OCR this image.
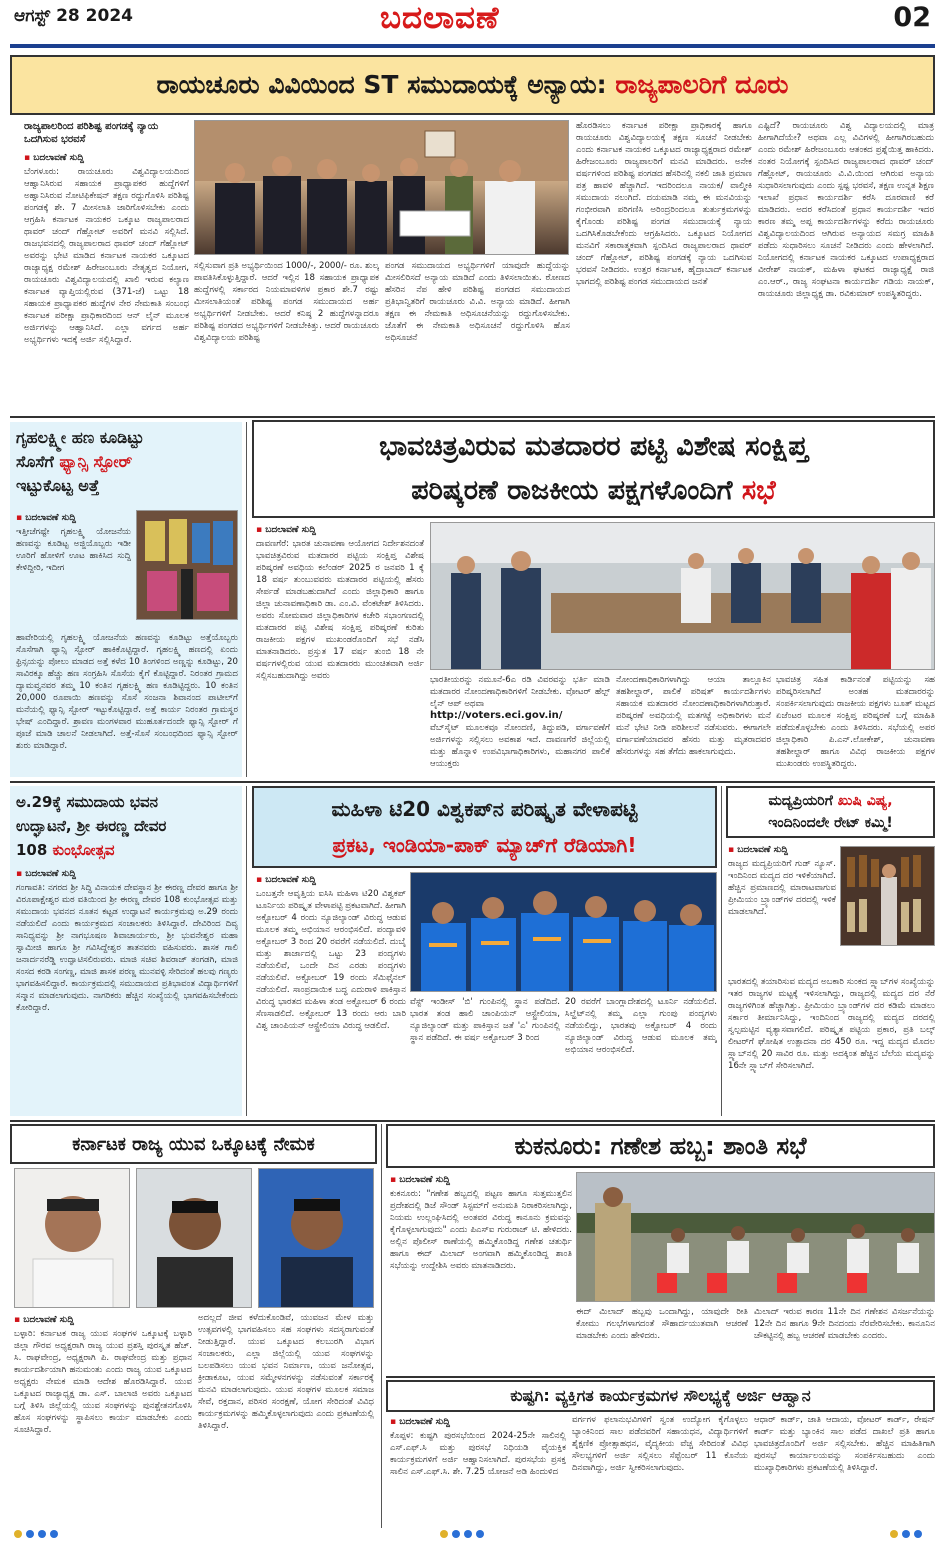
ಆಗಸ್ಟ್ 28 2024	ಬದಲಾವಣೆ	02
ರಾಯಚೂರು ವಿವಿಯಿಂದ ST ಸಮುದಾಯಕ್ಕೆ ಅನ್ಯಾಯ:
ರಾಜ್ಯಪಾಲರಿಗೆ ದೂರು
ರಾಜ್ಯಪಾಲರಿಂದ ಪರಿಶಿಷ್ಟ ಪಂಗಡಕ್ಕೆ ನ್ಯಾಯ ಒದಗಿಸುವ ಭರವಸೆ
▪ ಬದಲಾವಣೆ ಸುದ್ದಿ

ಬೆಂಗಳೂರು: ರಾಯಚೂರು ವಿಶ್ವವಿದ್ಯಾಲಯದಿಂದ ಆಹ್ವಾನಿಸಿರುವ ಸಹಾಯಕ ಪ್ರಾಧ್ಯಾಪಕರ ಹುದ್ದೆಗಳಿಗೆ ಅಹ್ವಾನಿಸಿರುವ ನೋಟಿಫಿಕೇಷನ್ ತಕ್ಷಣ ರದ್ದುಗೊಳಿಸಿ ಪರಿಶಿಷ್ಟ ಪಂಗಡಕ್ಕೆ ಶೇ. 7 ಮೀಸಲಾತಿ ಜಾರಿಗೊಳಿಸಬೇಕು ಎಂದು ಆಗ್ರಹಿಸಿ ಕರ್ನಾಟಕ ನಾಯಕರ ಒಕ್ಕೂಟ ರಾಜ್ಯಪಾಲರಾದ ಥಾವರ್ ಚಂದ್ ಗೆಹ್ಲೋಟ್ ಅವರಿಗೆ ಮನವಿ ಸಲ್ಲಿಸಿದೆ. ರಾಜಭವನದಲ್ಲಿ ರಾಜ್ಯಪಾಲರಾದ ಥಾವರ್ ಚಂದ್ ಗೆಹ್ಲೋಟ್ ಅವರನ್ನು ಭೇಟಿ ಮಾಡಿದ ಕರ್ನಾಟಕ ನಾಯಕರ ಒಕ್ಕೂಟದ ರಾಜ್ಯಾಧ್ಯಕ್ಷ ರಮೇಶ್ ಹಿರೇಜಂಬೂರು ನೇತೃತ್ವದ ನಿಯೋಗ, ರಾಯಚೂರು ವಿಶ್ವವಿದ್ಯಾಲಯದಲ್ಲಿ ಖಾಲಿ ಇರುವ ಕಲ್ಯಾಣ ಕರ್ನಾಟಕ ವ್ಯಾಪ್ತಿಯಲ್ಲಿರುವ (371-ಜೆ) ಒಟ್ಟು 18 ಸಹಾಯಕ ಪ್ರಾಧ್ಯಾಪಕರ ಹುದ್ದೆಗಳ ನೇರ ನೇಮಕಾತಿ ಸಂಬಂಧ ಕರ್ನಾಟಕ ಪರೀಕ್ಷಾ ಪ್ರಾಧಿಕಾರದಿಂದ ಆನ್ ಲೈನ್ ಮೂಲಕ ಅರ್ಜಿಗಳನ್ನು ಆಹ್ವಾನಿಸಿದೆ. ಎಲ್ಲಾ ವರ್ಗದ ಅರ್ಹ ಅಭ್ಯರ್ಥಿಗಳು ಇದಕ್ಕೆ ಅರ್ಜಿ ಸಲ್ಲಿಸಿದ್ದಾರೆ.

ಸಲ್ಲಿಸುವಾಗ ಪ್ರತಿ ಅಭ್ಯರ್ಥಿಯಿಂದ 1000/-, 2000/- ರೂ. ಶುಲ್ಕ ಪಾವತಿಸಿಕೊಳ್ಳುತ್ತಿದ್ದಾರೆ. ಆದರೆ ಇಲ್ಲಿನ 18 ಸಹಾಯಕ ಪ್ರಾಧ್ಯಾಪಕ ಹುದ್ದೆಗಳಲ್ಲಿ ಸರ್ಕಾರದ ನಿಯಮಾವಳಿಗಳ ಪ್ರಕಾರ ಶೇ.7 ರಷ್ಟು ಮೀಸಲಾತಿಯಂತೆ ಪರಿಶಿಷ್ಟ ಪಂಗಡ ಸಮುದಾಯದ ಅರ್ಹ ಅಭ್ಯರ್ಥಿಗಳಿಗೆ ನೀಡಬೇಕು. ಆದರೆ ಕನಿಷ್ಠ 2 ಹುದ್ದೆಗಳನ್ನಾದರೂ ಪರಿಶಿಷ್ಟ ಪಂಗಡದ ಅಭ್ಯರ್ಥಿಗಳಿಗೆ ನೀಡಬೇಕಿತ್ತು. ಆದರೆ ರಾಯಚೂರು ವಿಶ್ವವಿದ್ಯಾಲಯ ಪರಿಶಿಷ್ಟ
ಪಂಗಡ ಸಮುದಾಯದ ಅಭ್ಯರ್ಥಿಗಳಿಗೆ ಯಾವುದೇ ಹುದ್ದೆಯನ್ನು ಮೀಸಲಿರಿಸದೆ ಅನ್ಯಾಯ ಮಾಡಿದೆ ಎಂದು ತಿಳಿಸಲಾಯಿತು. ಠೋಣದ ಹೆಸರಿನ ನೆಪ ಹೇಳಿ ಪರಿಶಿಷ್ಟ ಪಂಗಡದ ಸಮುದಾಯದ ಪ್ರತಿಭಾನ್ವಿತರಿಗೆ ರಾಯಚೂರು ವಿ.ವಿ. ಅನ್ಯಾಯ ಮಾಡಿದೆ. ಹೀಗಾಗಿ ತಕ್ಷಣ ಈ ನೇಮಕಾತಿ ಅಧಿಸೂಚನೆಯನ್ನು ರದ್ದುಗೊಳಿಸಬೇಕು. ಜೊತೆಗೆ ಈ ನೇಮಕಾತಿ ಅಧಿಸೂಚನೆ ರದ್ದುಗೊಳಿಸಿ ಹೊಸ ಅಧಿಸೂಚನೆ
ಹೊರಡಿಸಲು ಕರ್ನಾಟಕ ಪರೀಕ್ಷಾ ಪ್ರಾಧಿಕಾರಕ್ಕೆ ಹಾಗೂ ರಾಯಚೂರು ವಿಶ್ವವಿದ್ಯಾಲಯಕ್ಕೆ ತಕ್ಷಣ ಸೂಚನೆ ನೀಡಬೇಕು ಎಂದು ಕರ್ನಾಟಕ ನಾಯಕರ ಒಕ್ಕೂಟದ ರಾಜ್ಯಾಧ್ಯಕ್ಷರಾದ ರಮೇಶ್ ಹಿರೇಜಂಬೂರು ರಾಜ್ಯಪಾಲರಿಗೆ ಮನವಿ ಮಾಡಿದರು. ಅನೇಕ ವರ್ಷಗಳಿಂದ ಪರಿಶಿಷ್ಟ ಪಂಗಡದ ಹೆಸರಿನಲ್ಲಿ ನಕಲಿ ಜಾತಿ ಪ್ರಮಾಣ ಪತ್ರ ಹಾವಳಿ ಹೆಚ್ಚಾಗಿದೆ. ಇದರಿಂದಲೂ ನಾಯಕ/ ವಾಲ್ಮೀಕಿ ಸಮುದಾಯ ನಲುಗಿದೆ. ದಯಮಾಡಿ ನಮ್ಮ ಈ ಮನವಿಯನ್ನು ಗಂಭೀರವಾಗಿ ಪರಿಗಣಿಸಿ ಅರಿಂದ್ರರಿಂದಲೂ ತುರ್ತುಕ್ರಮಗಳನ್ನು ಕೈಗೊಂಡು ಪರಿಶಿಷ್ಟ ಪಂಗಡ ಸಮುದಾಯಕ್ಕೆ ನ್ಯಾಯ ಒದಗಿಸಿಕೊಡಬೇಕೆಂದು ಆಗ್ರಹಿಸಿದರು. ಒಕ್ಕೂಟದ ನಿಯೋಗದ ಮನವಿಗೆ ಸಕಾರಾತ್ಮಕವಾಗಿ ಸ್ಪಂದಿಸಿದ ರಾಜ್ಯಪಾಲರಾದ ಥಾವರ್ ಚಂದ್ ಗೆಹ್ಲೋಟ್, ಪರಿಶಿಷ್ಟ ಪಂಗಡಕ್ಕೆ ನ್ಯಾಯ ಒದಗಿಸುವ ಭರವಸೆ ನೀಡಿದರು. ಉತ್ತರ ಕರ್ನಾಟಕ, ಹೈದ್ರಾಬಾದ್ ಕರ್ನಾಟಕ ಭಾಗದಲ್ಲಿ ಪರಿಶಿಷ್ಟ ಪಂಗಡ ಸಮುದಾಯದ ಜನತೆ
ಎಷ್ಟಿದೆ? ರಾಯಚೂರು ವಿಶ್ವ ವಿದ್ಯಾಲಯದಲ್ಲಿ ಮಾತ್ರ ಹೀಗಾಗಿದೆಯೇ? ಅಥವಾ ಎಲ್ಲ ವಿವಿಗಳಲ್ಲಿ ಹೀಗಾಗಿರಬಹುದು ಎಂದು ರಮೇಶ್ ಹಿರೇಜಂಬೂರು ಆತಂಕದ ಪ್ರಶ್ನೆಯಿತ್ತ ಹಾಕಿದರು. ನಂತರ ನಿಯೋಗಕ್ಕೆ ಸ್ಪಂದಿಸಿದ ರಾಜ್ಯಪಾಲರಾದ ಥಾವರ್ ಚಂದ್ ಗೆಹ್ಲೋಟ್, ರಾಯಚೂರು ವಿ.ವಿ.ಯಿಂದ ಆಗಿರುವ ಅನ್ಯಾಯ ಸುಧಾರಿಸಲಾಗುವುದು ಎಂದು ಸ್ಪಷ್ಟ ಭರವಸೆ, ತಕ್ಷಣ ಉನ್ನತ ಶಿಕ್ಷಣ ಇಲಾಖೆ ಪ್ರಧಾನ ಕಾರ್ಯದರ್ಶಿ ಕರೆಸಿ ದೂರವಾಣಿ ಕರೆ ಮಾಡಿದರು. ಅದರ ಕರೆಸಿದಂತೆ ಪ್ರಧಾನ ಕಾರ್ಯದರ್ಶಿ ಇದರ ಕಾರಣ ತಮ್ಮ ಅಪ್ಪ ಕಾರ್ಯದರ್ಶಿಗಳನ್ನು ಕರೆದು ರಾಯಚೂರು ವಿಶ್ವವಿದ್ಯಾಲಯದಿಂದ ಆಗಿರುವ ಅನ್ಯಾಯದ ಸಮಗ್ರ ಮಾಹಿತಿ ಪಡೆದು ಸುಧಾರಿಸಲು ಸೂಚನೆ ನೀಡಿದರು ಎಂದು ಹೇಳಲಾಗಿದೆ. ನಿಯೋಗದಲ್ಲಿ ಕರ್ನಾಟಕ ನಾಯಕರ ಒಕ್ಕೂಟದ ಉಪಾಧ್ಯಕ್ಷರಾದ ವೀರೇಶ್ ನಾಯಕ್, ಮಹಿಳಾ ಘಟಕದ ರಾಜ್ಯಾಧ್ಯಕ್ಷೆ ರಾಜಿ ಎಂ.ಆರ್., ರಾಜ್ಯ ಸಂಘಟನಾ ಕಾರ್ಯದರ್ಶಿ ಗಡಿಯ ನಾಯಕ್, ರಾಯಚೂರು ಜಿಲ್ಲಾಧ್ಯಕ್ಷ ಡಾ. ರವಿಕುಮಾರ್ ಉಪಸ್ಥಿತರಿದ್ದರು.
ಗೃಹಲಕ್ಷ್ಮೀ ಹಣ ಕೂಡಿಟ್ಟು
ಸೊಸೆಗೆ ಫ್ಯಾನ್ಸಿ ಸ್ಟೋರ್
ಇಟ್ಟುಕೊಟ್ಟ ಅತ್ತೆ
▪ ಬದಲಾವಣೆ ಸುದ್ದಿ

ಇತ್ತೀಚೆಗಷ್ಟೇ ಗೃಹಲಕ್ಷ್ಮಿ ಯೋಜನೆಯ ಹಣವನ್ನು ಕೂಡಿಟ್ಟ ಅಜ್ಜಿಯೊಬ್ಬರು ಇಡೀ ಊರಿಗೆ ಹೋಳಿಗೆ ಊಟ ಹಾಕಿಸಿದ ಸುದ್ದಿ ಕೇಳಿದ್ದೀರಿ, ಇದೀಗ

ಹಾವೇರಿಯಲ್ಲಿ ಗೃಹಲಕ್ಷ್ಮಿ ಯೋಜನೆಯ ಹಣವನ್ನು ಕೂಡಿಟ್ಟು ಅತ್ತೆಯೊಬ್ಬರು ಸೊಸೆಗಾಗಿ ಫ್ಯಾನ್ಸಿ ಸ್ಟೋರ್ ಹಾಕಿಕೊಟ್ಟಿದ್ದಾರೆ. ಗೃಹಲಕ್ಷ್ಮಿ ಹಣದಲ್ಲಿ ಏಂದು ಫ್ರಿನ್ಸಯನ್ನು ಪೋಲು ಮಾಡದ ಅತ್ತೆ ಕಳೆದ 10 ತಿಂಗಳಿಂದ ಅಣ್ಣನ್ನು ಕೂಡಿಟ್ಟು, 20 ಸಾವಿರಕ್ಕೂ ಹೆಚ್ಚು ಹಣ ಸಂಗ್ರಹಿಸಿ ಸೊಸೆಯ ಕೈಗೆ ಕೊಟ್ಟಿದ್ದಾರೆ. ನಿರಂತರ ಗ್ರಾಮದ ದ್ಯಾಮವ್ವನವರ ತಮ್ಮ 10 ಕಂತಿನ ಗೃಹಲಕ್ಷ್ಮಿ ಹಣ ಕೂಡಿಟ್ಟಿದ್ದರು. 10 ಕಂತಿನ 20,000 ರೂಪಾಯಿ ಹಣವನ್ನು ಸೊಸೆ ಸಂಜನಾ ಶಿವಾನಂದ ಪಾಟೀಲ್‌ಗೆ ಮನೆಯಲ್ಲಿ ಫ್ಯಾನ್ಸಿ ಸ್ಟೋರ್ ಇಟ್ಟುಕೊಟ್ಟಿದ್ದಾರೆ. ಅತ್ತೆ ಕಾರ್ಯ ನಿರಂತರ ಗ್ರಾಮಸ್ಥರ ಭೇಷ್ ಎಂದಿದ್ದಾರೆ. ಶ್ರಾವಣ ಮಂಗಳವಾರ ಮುಹೂರ್ತದಂದೇ ಫ್ಯಾನ್ಸಿ ಸ್ಟೋರ್ ಗೆ ಪೂಜೆ ಮಾಡಿ ಚಾಲನೆ ನೀಡಲಾಗಿದೆ. ಅತ್ತೆ-ಸೊಸೆ ಸಂಬಂಧದಿಂದ ಫ್ಯಾನ್ಸಿ ಸ್ಟೋರ್ ಶುರು ಮಾಡಿದ್ದಾರೆ.
ಭಾವಚಿತ್ರವಿರುವ ಮತದಾರರ ಪಟ್ಟಿ ವಿಶೇಷ ಸಂಕ್ಷಿಪ್ತ
ಪರಿಷ್ಕರಣೆ ರಾಜಕೀಯ ಪಕ್ಷಗಳೊಂದಿಗೆ ಸಭೆ
▪ ಬದಲಾವಣೆ ಸುದ್ದಿ

ದಾವಣಗೆರೆ: ಭಾರತ ಚುನಾವಣಾ ಆಯೋಗದ ನಿರ್ದೇಶನದಂತೆ ಭಾವಚಿತ್ರವಿರುವ ಮತದಾರರ ಪಟ್ಟಿಯ ಸಂಕ್ಷಿಪ್ತ ವಿಶೇಷ ಪರಿಷ್ಕರಣೆ ಅವಧಿಯ ಕಲೆಂಡರ್ 2025 ರ ಜನವರಿ 1 ಕ್ಕೆ 18 ವರ್ಷ ತುಂಬುವವರು ಮತದಾರರ ಪಟ್ಟಿಯಲ್ಲಿ ಹೆಸರು ಸೇರ್ಪಡೆ ಮಾಡಬಹುದಾಗಿದೆ ಎಂದು ಜಿಲ್ಲಾಧಿಕಾರಿ ಹಾಗೂ ಜಿಲ್ಲಾ ಚುನಾವಣಾಧಿಕಾರಿ ಡಾ. ಎಂ.ವಿ. ವೆಂಕಟೇಶ್ ತಿಳಿಸಿದರು. ಅವರು ಸೋಮವಾರ ಜಿಲ್ಲಾಧಿಕಾರಿಗಳ ಕಚೇರಿ ಸಭಾಂಗಣದಲ್ಲಿ ಮತದಾರರ ಪಟ್ಟಿ ವಿಶೇಷ ಸಂಕ್ಷಿಪ್ತ ಪರಿಷ್ಕರಣೆ ಕುರಿತು ರಾಜಕೀಯ ಪಕ್ಷಗಳ ಮುಖಂಡರೊಂದಿಗೆ ಸಭೆ ನಡೆಸಿ ಮಾತನಾಡಿದರು. ಪ್ರಸ್ತುತ 17 ವರ್ಷ ತುಂಬಿ 18 ನೇ ವರ್ಷಗಳಲ್ಲಿರುವ ಯುವ ಮತದಾರರು ಮುಂಚಿತವಾಗಿ ಅರ್ಜಿ ಸಲ್ಲಿಸಬಹುದಾಗಿದ್ದು ಅವರು	ಭಾರತೀಯರನ್ನು ನಮೂನೆ-6ಎ ರಡಿ ವಿವರವನ್ನು ಭರ್ತಿ ಮಾಡಿ ಮತದಾರರ ನೋಂದಣಾಧಿಕಾರಿಗಳಿಗೆ ನೀಡಬೇಕು. ವೋಟರ್ ಹೆಲ್ಪ್ ಲೈನ್ ಆಪ್ ಅಥವಾ

http://voters.eci.gov.in/

ವೆಬ್‌ಸೈಟ್ ಮೂಲಕವೂ ನೋಂದಣಿ, ತಿದ್ದುಪಡಿ, ವರ್ಗಾವಣೆಗೆ ಅರ್ಜಿಗಳನ್ನು ಸಲ್ಲಿಸಲು ಅವಕಾಶ ಇದೆ. ದಾವಣಗೆರೆ ಜಿಲ್ಲೆಯಲ್ಲಿ ಮತ್ತು ಹೊನ್ನಾಳಿ ಉಪವಿಭಾಗಾಧಿಕಾರಿಗಳು, ಮಹಾನಗರ ಪಾಲಿಕೆ ಆಯುಕ್ತರು

ನೋಂದಣಾಧಿಕಾರಿಗಳಾಗಿದ್ದು ಆಯಾ ತಾಲ್ಲೂಕಿನ ತಹಶೀಲ್ದಾರ್, ಪಾಲಿಕೆ ಪರಿಷತ್ ಕಾರ್ಯದರ್ಶಿಗಳು ಸಹಾಯಕ ಮತದಾರರ ನೋಂದಣಾಧಿಕಾರಿಗಳಾಗಿರುತ್ತಾರೆ. ಪರಿಷ್ಕರಣೆ ಅವಧಿಯಲ್ಲಿ ಮತಗಟ್ಟೆ ಅಧಿಕಾರಿಗಳು ಮನೆ ಮನೆ ಭೇಟಿ ನೀಡಿ ಪರಿಶೀಲನೆ ನಡೆಸುವರು. ಈಗಾಗಲೇ ವರ್ಗಾವಣೆಯಾದವರ ಹೆಸರು ಮತ್ತು ಮೃತರಾದವರ ಹೆಸರುಗಳನ್ನು ಸಹ ತೆಗೆದು ಹಾಕಲಾಗುವುದು.
ಭಾವಚಿತ್ರ ಸಹಿತ ಕಾರ್ಡಿನಂತೆ ಪಟ್ಟಿಯನ್ನು ಸಹ ಪರಿಷ್ಕರಿಸಲಾಗಿದೆ ಅಂತಹ ಮತದಾರರನ್ನು ಸಂಪರ್ಕಿಸಲಾಗುವುದು ರಾಜಕೀಯ ಪಕ್ಷಗಳು ಬೂತ್ ಮಟ್ಟದ ಏಜೆಂಟರ ಮೂಲಕ ಸಂಕ್ಷಿಪ್ತ ಪರಿಷ್ಕರಣೆ ಬಗ್ಗೆ ಮಾಹಿತಿ ಪಡೆದುಕೊಳ್ಳಬೇಕು ಎಂದು ತಿಳಿಸಿದರು. ಸಭೆಯಲ್ಲಿ ಅಪರ ಜಿಲ್ಲಾಧಿಕಾರಿ ಪಿ.ಎನ್.ಲೋಕೇಶ್, ಚುನಾವಣಾ ತಹಶೀಲ್ದಾರ್ ಹಾಗೂ ವಿವಿಧ ರಾಜಕೀಯ ಪಕ್ಷಗಳ ಮುಖಂಡರು ಉಪಸ್ಥಿತರಿದ್ದರು.
ಅ.29ಕ್ಕೆ ಸಮುದಾಯ ಭವನ
ಉದ್ಘಾಟನೆ, ಶ್ರೀ ಈರಣ್ಣ ದೇವರ
108 ಕುಂಭೋತ್ಸವ
▪ ಬದಲಾವಣೆ ಸುದ್ದಿ

ಗಂಗಾವತಿ: ನಗರದ ಶ್ರೀ ಸಿದ್ಧಿ ವಿನಾಯಕ ದೇವಸ್ಥಾನ ಶ್ರೀ ಈರಣ್ಣ ದೇವರ ಹಾಗೂ ಶ್ರೀ ವಿರೂಪಾಕ್ಷೇಶ್ವರ ಮಠ ವತಿಯಿಂದ ಶ್ರೀ ಈರಣ್ಣ ದೇವರ 108 ಕುಂಭೋತ್ಸವ ಮತ್ತು ಸಮುದಾಯ ಭವನದ ನೂತನ ಕಟ್ಟಡ ಉದ್ಘಾಟನೆ ಕಾರ್ಯಕ್ರಮವು ಅ.29 ರಂದು ನಡೆಯಲಿದೆ ಎಂದು ಕಾರ್ಯಕ್ರಮದ ಸಂಚಾಲಕರು ತಿಳಿಸಿದ್ದಾರೆ. ದೇವಿರಿಂದ ದಿವ್ಯ ಸಾನಿಧ್ಯವನ್ನು ಶ್ರೀ ನಾಗಭೂಷಣ ಶಿವಾಚಾರ್ಯರು, ಶ್ರೀ ಭುವನೇಶ್ವರ ಮಹಾ ಸ್ವಾಮೀಜಿ ಹಾಗೂ ಶ್ರೀ ಗವಿಸಿದ್ದೇಶ್ವರ ತಾತನವರು ವಹಿಸುವರು. ಶಾಸಕ ಗಾಲಿ ಜನಾರ್ದನರೆಡ್ಡಿ ಉದ್ಘಾಟಿಸಲಿರುವರು. ಮಾಜಿ ಸಚಿವ ಶಿವರಾಜ್ ತಂಗಡಗಿ, ಮಾಜಿ ಸಂಸದ ಕರಡಿ ಸಂಗಣ್ಣ, ಮಾಜಿ ಶಾಸಕ ಪರಣ್ಣ ಮುನವಳ್ಳಿ ಸೇರಿದಂತೆ ಹಲವು ಗಣ್ಯರು ಭಾಗವಹಿಸಲಿದ್ದಾರೆ. ಕಾರ್ಯಕ್ರಮದಲ್ಲಿ ಸಮುದಾಯದ ಪ್ರತಿಭಾವಂತ ವಿದ್ಯಾರ್ಥಿಗಳಿಗೆ ಸನ್ಮಾನ ಮಾಡಲಾಗುವುದು. ನಾಗರಿಕರು ಹೆಚ್ಚಿನ ಸಂಖ್ಯೆಯಲ್ಲಿ ಭಾಗವಹಿಸಬೇಕೆಂದು ಕೋರಿದ್ದಾರೆ.

ಮಹಿಳಾ ಟಿ20 ವಿಶ್ವಕಪ್‌ನ ಪರಿಷ್ಕೃತ ವೇಳಾಪಟ್ಟಿ
ಪ್ರಕಟ, ಇಂಡಿಯಾ-ಪಾಕ್ ಮ್ಯಾಚ್‌ಗೆ ರೆಡಿಯಾಗಿ!
▪ ಬದಲಾವಣೆ ಸುದ್ದಿ

ಒಂಬತ್ತನೇ ಆವೃತ್ತಿಯ ಐಸಿಸಿ ಮಹಿಳಾ ಟಿ20 ವಿಶ್ವಕಪ್ ಟೂರ್ನಿಯ ಪರಿಷ್ಕೃತ ವೇಳಾಪಟ್ಟಿ ಪ್ರಕಟವಾಗಿದೆ. ಹೀಗಾಗಿ ಅಕ್ಟೋಬರ್ 4 ರಂದು ನ್ಯೂಜಿಲ್ಯಾಂಡ್ ವಿರುದ್ಧ ಆಡುವ ಮೂಲಕ ತಮ್ಮ ಅಭಿಯಾನ ಆರಂಭಿಸಲಿದೆ. ಪಂದ್ಯಾವಳಿ ಅಕ್ಟೋಬರ್ 3 ರಿಂದ 20 ರವರೆಗೆ ನಡೆಯಲಿದೆ. ದುಬೈ ಮತ್ತು ಶಾರ್ಜಾದಲ್ಲಿ ಒಟ್ಟು 23 ಪಂದ್ಯಗಳು ನಡೆಯಲಿವೆ, ಒಂದೇ ದಿನ ಎರಡು ಪಂದ್ಯಗಳು ನಡೆಯಲಿವೆ. ಅಕ್ಟೋಬರ್ 19 ರಂದು ಸೆಮಿಫೈನಲ್ ನಡೆಯಲಿದೆ. ಸಾಂಪ್ರದಾಯಿಕ ಬದ್ಧ ಎದುರಾಳಿ ಪಾಕಿಸ್ತಾನ ವಿರುದ್ಧ ಭಾರತದ ಮಹಿಳಾ ತಂಡ ಅಕ್ಟೋಬರ್ 6 ರಂದು ಸೆಣಸಾಡಲಿದೆ. ಅಕ್ಟೋಬರ್ 13 ರಂದು ಆರು ಬಾರಿ ವಿಶ್ವ ಚಾಂಪಿಯನ್ ಆಸ್ಟ್ರೇಲಿಯಾ ವಿರುದ್ಧ ಆಡಲಿದೆ.

ವೆಸ್ಟ್ ಇಂಡೀಸ್ 'ಬಿ' ಗುಂಪಿನಲ್ಲಿ ಸ್ಥಾನ ಪಡೆದಿದೆ. ಭಾರತ ತಂಡ ಹಾಲಿ ಚಾಂಪಿಯನ್ ಆಸ್ಟ್ರೇಲಿಯಾ, ನ್ಯೂಜಿಲ್ಯಾಂಡ್ ಮತ್ತು ಪಾಕಿಸ್ತಾನ ಜತೆ 'ಎ' ಗುಂಪಿನಲ್ಲಿ ಸ್ಥಾನ ಪಡೆದಿದೆ. ಈ ವರ್ಷ ಅಕ್ಟೋಬರ್ 3 ರಿಂದ
20 ರವರೆಗೆ ಬಾಂಗ್ಲಾದೇಶದಲ್ಲಿ ಟೂರ್ನಿ ನಡೆಯಲಿದೆ. ಸಿಲ್ಹೆಟ್‌ನಲ್ಲಿ ತಮ್ಮ ಎಲ್ಲಾ ಗುಂಪು ಪಂದ್ಯಗಳು ನಡೆಯಲಿದ್ದು, ಭಾರತವು ಅಕ್ಟೋಬರ್ 4 ರಂದು ನ್ಯೂಜಿಲ್ಯಾಂಡ್ ವಿರುದ್ಧ ಆಡುವ ಮೂಲಕ ತಮ್ಮ ಅಭಿಯಾನ ಆರಂಭಿಸಲಿದೆ.
ಮದ್ಯಪ್ರಿಯರಿಗೆ ಖುಷಿ ವಿಷ್ಯ,
ಇಂದಿನಿಂದಲೇ ರೇಟ್ ಕಮ್ಮಿ!
▪ ಬದಲಾವಣೆ ಸುದ್ದಿ

ರಾಜ್ಯದ ಮದ್ಯಪ್ರಿಯರಿಗೆ ಗುಡ್ ನ್ಯೂಸ್. ಇಂದಿನಿಂದ ಮದ್ಯದ ದರ ಇಳಿಕೆಯಾಗಿದೆ. ಹೆಚ್ಚಿನ ಪ್ರಮಾಣದಲ್ಲಿ ಮಾರಾಟವಾಗುವ ಪ್ರೀಮಿಯಂ ಬ್ರ್ಯಾಂಡ್‌ಗಳ ದರದಲ್ಲಿ ಇಳಿಕೆ ಮಾಡಲಾಗಿದೆ.

ಭಾರತದಲ್ಲಿ ತಯಾರಿಸುವ ಮದ್ಯದ ಅಬಕಾರಿ ಸುಂಕದ ಸ್ಲ್ಯಾಬ್‌ಗಳ ಸಂಖ್ಯೆಯನ್ನು ಇತರ ರಾಜ್ಯಗಳ ಮಟ್ಟಕ್ಕೆ ಇಳಿಸಲಾಗಿದ್ದು, ರಾಜ್ಯದಲ್ಲಿ ಮದ್ಯದ ದರ ನೆರೆ ರಾಜ್ಯಗಳಿಗಿಂತ ಹೆಚ್ಚಾಗಿತ್ತು. ಪ್ರೀಮಿಯಂ ಬ್ರ್ಯಾಂಡ್‌ಗಳ ದರ ಕಡಿಮೆ ಮಾಡಲು ಸರ್ಕಾರ ತೀರ್ಮಾನಿಸಿದ್ದು, ಇಂದಿನಿಂದ ರಾಜ್ಯದಲ್ಲಿ ಮದ್ಯದ ದರದಲ್ಲಿ ಸ್ವಲ್ಪಮಟ್ಟಿನ ವ್ಯತ್ಯಾಸವಾಗಲಿದೆ. ಪರಿಷ್ಕೃತ ಪಟ್ಟಿಯ ಪ್ರಕಾರ, ಪ್ರತಿ ಬಲ್ಕ್ ಲೀಟರ್‌ಗೆ ಘೋಷಿತ ಉತ್ಪಾದನಾ ದರ 450 ರೂ. ಇದ್ದ ಮದ್ಯದ ಮೊದಲ ಸ್ಲ್ಯಾಬ್‌ನಲ್ಲಿ 20 ಸಾವಿರ ರೂ. ಮತ್ತು ಅದಕ್ಕಿಂತ ಹೆಚ್ಚಿನ ಬೆಲೆಯ ಮದ್ಯವನ್ನು 16ನೇ ಸ್ಲ್ಯಾಬ್‌ಗೆ ಸೇರಿಸಲಾಗಿದೆ.
ಕರ್ನಾಟಕ ರಾಜ್ಯ ಯುವ ಒಕ್ಕೂಟಕ್ಕೆ ನೇಮಕ
▪ ಬದಲಾವಣೆ ಸುದ್ದಿ

ಬಳ್ಳಾರಿ: ಕರ್ನಾಟಕ ರಾಜ್ಯ ಯುವ ಸಂಘಗಳ ಒಕ್ಕೂಟಕ್ಕೆ ಬಳ್ಳಾರಿ ಜಿಲ್ಲಾ ಗೌರವ ಅಧ್ಯಕ್ಷರಾಗಿ ರಾಜ್ಯ ಯುವ ಪ್ರಶಸ್ತಿ ಪುರಸ್ಕೃತ ಹೆಚ್. ಸಿ. ರಾಘವೇಂದ್ರ, ಅಧ್ಯಕ್ಷರಾಗಿ ಪಿ. ರಾಘವೇಂದ್ರ ಮತ್ತು ಪ್ರಧಾನ ಕಾರ್ಯದರ್ಶಿಯಾಗಿ ಹನುಮಂತು ಎಂದು ರಾಜ್ಯ ಯುವ ಒಕ್ಕೂಟದ ಅಧ್ಯಕ್ಷರು ನೇಮಕ ಮಾಡಿ ಆದೇಶ ಹೊರಡಿಸಿದ್ದಾರೆ. ಯುವ ಒಕ್ಕೂಟದ ರಾಜ್ಯಾಧ್ಯಕ್ಷ ಡಾ. ಎಸ್. ಬಾಲಾಜಿ ಅವರು ಒಕ್ಕೂಟದ ಬಗ್ಗೆ ತಿಳಿಸಿ ಜಿಲ್ಲೆಯಲ್ಲಿ ಯುವ ಸಂಘಗಳನ್ನು ಪುನಶ್ಚೇತನಗೊಳಿಸಿ ಹೊಸ ಸಂಘಗಳನ್ನು ಸ್ಥಾಪಿಸಲು ಕಾರ್ಯ ಮಾಡಬೇಕು ಎಂದು ಸೂಚಿಸಿದ್ದಾರೆ.

ಅದಲ್ಲದೆ ಜೀವ ಕಳೆದುಕೊಂಡಿವೆ, ಯುವಜನ ಮೇಳ ಮತ್ತು ಉತ್ಸವಗಳಲ್ಲಿ ಭಾಗವಹಿಸಲು ಸಹ ಸಂಘಗಳು ಸದಸ್ಯರಾಗುವಂತೆ ನೀಡುತ್ತಿದ್ದಾರೆ. ಯುವ ಒಕ್ಕೂಟದ ಕಲಬುರಗಿ ವಿಭಾಗ ಸಂಚಾಲಕರು, ಎಲ್ಲಾ ಜಿಲ್ಲೆಯಲ್ಲಿ ಯುವ ಸಂಘಗಳನ್ನು ಬಲಪಡಿಸಲು ಯುವ ಭವನ ನಿರ್ಮಾಣ, ಯುವ ಜನೋತ್ಸವ, ಕ್ರೀಡಾಕೂಟ, ಯುವ ಸಮ್ಮೇಳನಗಳನ್ನು ನಡೆಸುವಂತೆ ಸರ್ಕಾರಕ್ಕೆ ಮನವಿ ಮಾಡಲಾಗುವುದು. ಯುವ ಸಂಘಗಳ ಮೂಲಕ ಸಮಾಜ ಸೇವೆ, ರಕ್ತದಾನ, ಪರಿಸರ ಸಂರಕ್ಷಣೆ, ಯೋಗ ಸೇರಿದಂತೆ ವಿವಿಧ ಕಾರ್ಯಕ್ರಮಗಳನ್ನು ಹಮ್ಮಿಕೊಳ್ಳಲಾಗುವುದು ಎಂದು ಪ್ರಕಟಣೆಯಲ್ಲಿ ತಿಳಿಸಿದ್ದಾರೆ.
ಕುಕನೂರು: ಗಣೇಶ ಹಬ್ಬ: ಶಾಂತಿ ಸಭೆ
▪ ಬದಲಾವಣೆ ಸುದ್ದಿ

ಕುಕನೂರು: "ಗಣೇಶ ಹಬ್ಬದಲ್ಲಿ ಪಟ್ಟಣ ಹಾಗೂ ಸುತ್ತಮುತ್ತಲಿನ ಪ್ರದೇಶದಲ್ಲಿ ಡಿಜೆ ಸೌಂಡ್ ಸಿಸ್ಟಮ್‌ಗೆ ಅನುಮತಿ ನಿರಾಕರಿಸಲಾಗಿದ್ದು, ನಿಯಮ ಉಲ್ಲಂಘಿಸಿದಲ್ಲಿ ಅಂತವರ ವಿರುದ್ಧ ಕಾನೂನು ಕ್ರಮವನ್ನು ಕೈಗೊಳ್ಳಲಾಗುವುದು" ಎಂದು ಪಿಎಸ್‌ಐ ಗುರುರಾಜ್ ಟಿ. ಹೇಳಿದರು. ಅಲ್ಲಿನ ಪೊಲೀಸ್ ಠಾಣೆಯಲ್ಲಿ ಹಮ್ಮಿಕೊಂಡಿದ್ದ ಗಣೇಶ ಚತುರ್ಥಿ ಹಾಗೂ ಈದ್ ಮಿಲಾದ್ ಅಂಗವಾಗಿ ಹಮ್ಮಿಕೊಂಡಿದ್ದ ಶಾಂತಿ ಸಭೆಯನ್ನು ಉದ್ದೇಶಿಸಿ ಅವರು ಮಾತನಾಡಿದರು.

ಈದ್ ಮಿಲಾದ್ ಹಬ್ಬವು ಒಂದಾಗಿದ್ದು, ಯಾವುದೇ ರೀತಿ ಕೋಮು ಗಲಭೆಗಳಾಗದಂತೆ ಸೌಹಾರ್ದಯುತವಾಗಿ ಆಚರಣೆ ಮಾಡಬೇಕು ಎಂದು ಹೇಳಿದರು.
ಮಿಲಾದ್ ಇರುವ ಕಾರಣ 11ನೇ ದಿನ ಗಣೇಶನ ವಿಸರ್ಜನೆಯನ್ನು 12ನೇ ದಿನ ಹಾಗೂ 9ನೇ ದಿನದಂದು ನೆರವೇರಿಸಬೇಕು. ಕಾನೂನಿನ ಚೌಕಟ್ಟಿನಲ್ಲಿ ಹಬ್ಬ ಆಚರಣೆ ಮಾಡಬೇಕು ಎಂದರು.
ಕುಷ್ಟಗಿ: ವ್ಯಕ್ತಿಗತ ಕಾರ್ಯಕ್ರಮಗಳ ಸೌಲಭ್ಯಕ್ಕೆ ಅರ್ಜಿ ಆಹ್ವಾನ
▪ ಬದಲಾವಣೆ ಸುದ್ದಿ

ಕೊಪ್ಪಳ: ಕುಷ್ಟಗಿ ಪುರಸಭೆಯಿಂದ 2024-25ನೇ ಸಾಲಿನಲ್ಲಿ ಎಸ್.ಎಫ್.ಸಿ ಮತ್ತು ಪುರಸಭೆ ನಿಧಿಯಡಿ ವೈಯಕ್ತಿಕ ಕಾರ್ಯಕ್ರಮಗಳಿಗೆ ಅರ್ಜಿ ಆಹ್ವಾನಿಸಲಾಗಿದೆ. ಪುರಸಭೆಯ ಪ್ರಸಕ್ತ ಸಾಲಿನ ಎಸ್.ಎಫ್.ಸಿ. ಶೇ. 7.25 ಯೋಜನೆ ಅಡಿ ಹಿಂದುಳಿದ

ವರ್ಗಗಳ ಫಲಾನುಭವಿಗಳಿಗೆ ಸ್ವಂತ ಉದ್ಯೋಗ ಕೈಗೊಳ್ಳಲು ಬ್ಯಾಂಕಿನಿಂದ ಸಾಲ ಪಡೆದವರಿಗೆ ಸಹಾಯಧನ, ವಿದ್ಯಾರ್ಥಿಗಳಿಗೆ ಶೈಕ್ಷಣಿಕ ಪ್ರೋತ್ಸಾಹಧನ, ವೈದ್ಯಕೀಯ ವೆಚ್ಚ ಸೇರಿದಂತೆ ವಿವಿಧ ಸೌಲಭ್ಯಗಳಿಗೆ ಅರ್ಜಿ ಸಲ್ಲಿಸಲು ಸೆಪ್ಟೆಂಬರ್ 11 ಕೊನೆಯ ದಿನವಾಗಿದ್ದು, ಅರ್ಜಿ ಸ್ವೀಕರಿಸಲಾಗುವುದು.
ಆಧಾರ್ ಕಾರ್ಡ್, ಜಾತಿ ಆದಾಯ, ವೋಟರ್ ಕಾರ್ಡ್, ರೇಷನ್ ಕಾರ್ಡ್ ಮತ್ತು ಬ್ಯಾಂಕಿನ ಸಾಲ ಪಡೆದ ದಾಖಲೆ ಪ್ರತಿ ಹಾಗೂ ಭಾವಚಿತ್ರದೊಂದಿಗೆ ಅರ್ಜಿ ಸಲ್ಲಿಸಬೇಕು. ಹೆಚ್ಚಿನ ಮಾಹಿತಿಗಾಗಿ ಪುರಸಭೆ ಕಾರ್ಯಾಲಯವನ್ನು ಸಂಪರ್ಕಿಸಬಹುದು ಎಂದು ಮುಖ್ಯಾಧಿಕಾರಿಗಳು ಪ್ರಕಟಣೆಯಲ್ಲಿ ತಿಳಿಸಿದ್ದಾರೆ.
